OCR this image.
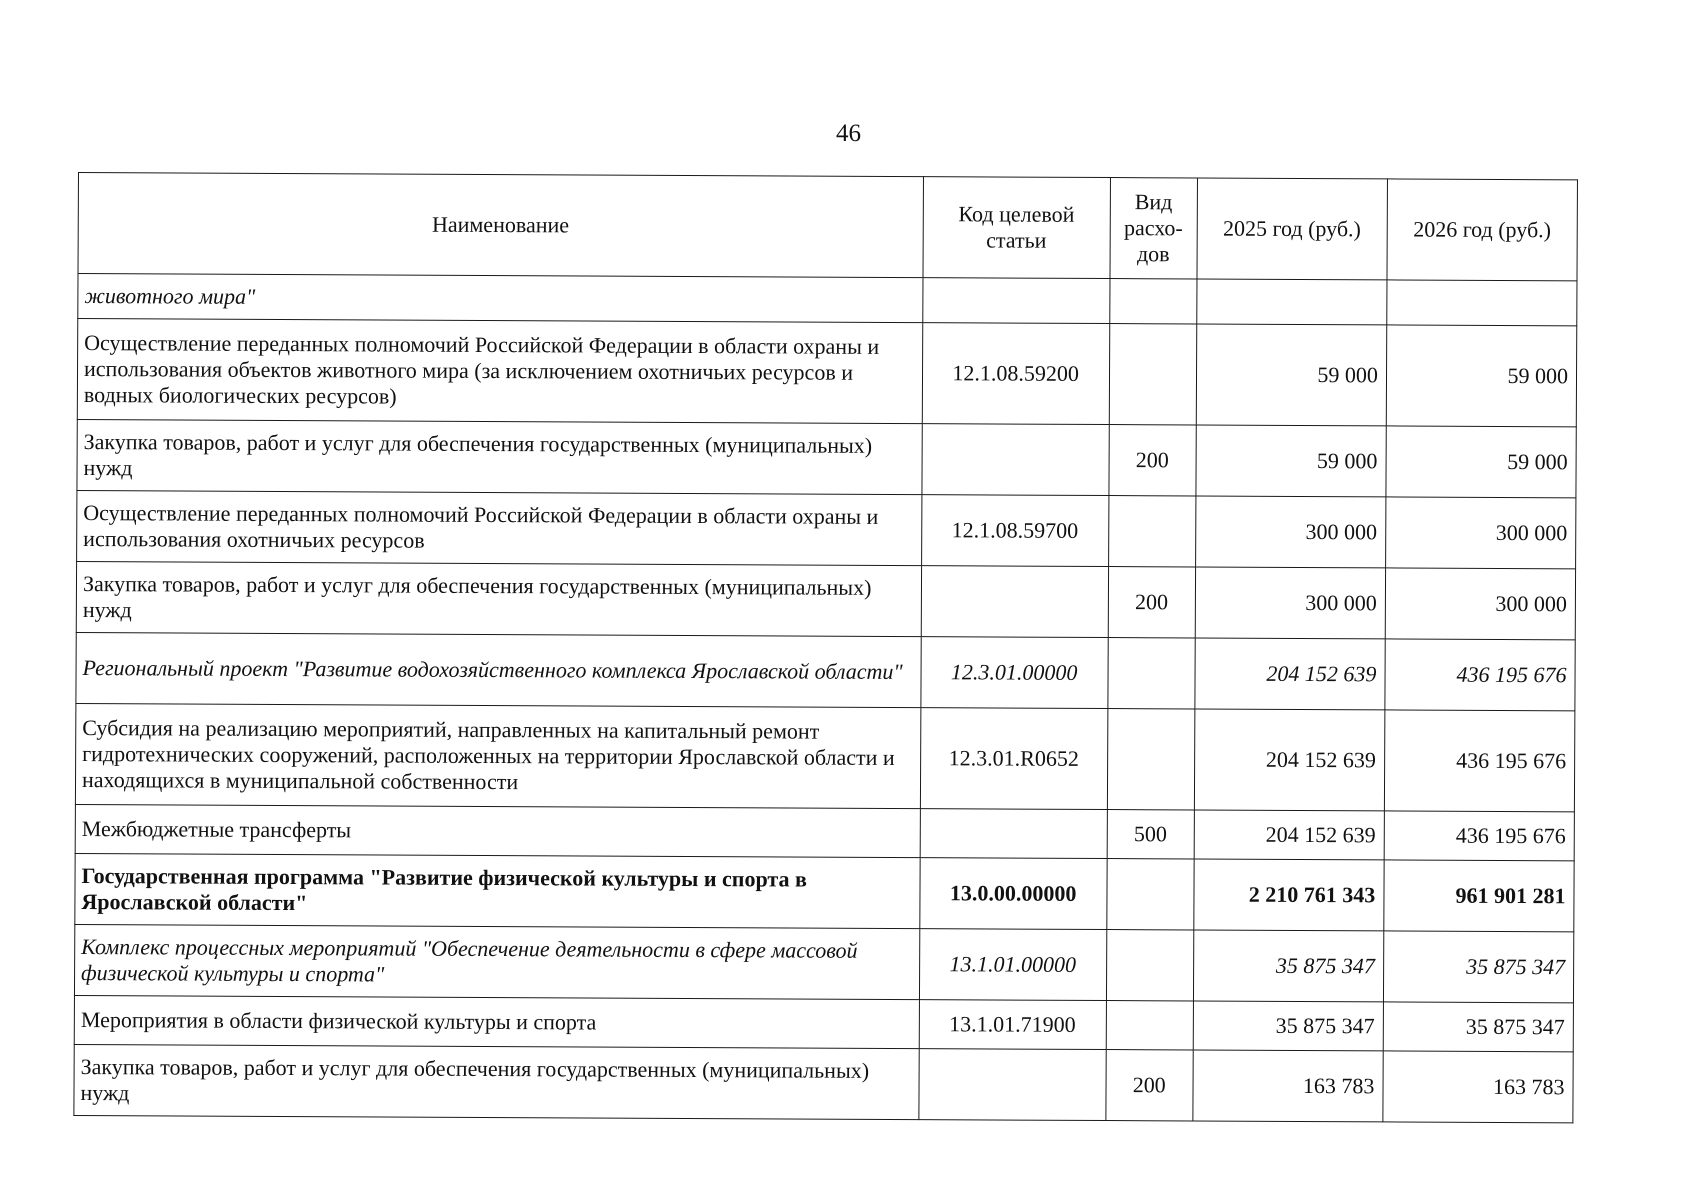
46
Наименование	Код целевой статьи	Вид расхо-дов	2025 год (руб.)	2026 год (руб.)
животного мира"				
Осуществление переданных полномочий Российской Федерации в области охраны и использования объектов животного мира (за исключением охотничьих ресурсов и водных биологических ресурсов)	12.1.08.59200		59 000	59 000
Закупка товаров, работ и услуг для обеспечения государственных (муниципальных) нужд		200	59 000	59 000
Осуществление переданных полномочий Российской Федерации в области охраны и использования охотничьих ресурсов	12.1.08.59700		300 000	300 000
Закупка товаров, работ и услуг для обеспечения государственных (муниципальных) нужд		200	300 000	300 000
Региональный проект "Развитие водохозяйственного комплекса Ярославской области"	12.3.01.00000		204 152 639	436 195 676
Субсидия на реализацию мероприятий, направленных на капитальный ремонт гидротехнических сооружений, расположенных на территории Ярославской области и находящихся в муниципальной собственности	12.3.01.R0652		204 152 639	436 195 676
Межбюджетные трансферты		500	204 152 639	436 195 676
Государственная программа "Развитие физической культуры и спорта в Ярославской области"	13.0.00.00000		2 210 761 343	961 901 281
Комплекс процессных мероприятий "Обеспечение деятельности в сфере массовой физической культуры и спорта"	13.1.01.00000		35 875 347	35 875 347
Мероприятия в области физической культуры и спорта	13.1.01.71900		35 875 347	35 875 347
Закупка товаров, работ и услуг для обеспечения государственных (муниципальных) нужд		200	163 783	163 783
